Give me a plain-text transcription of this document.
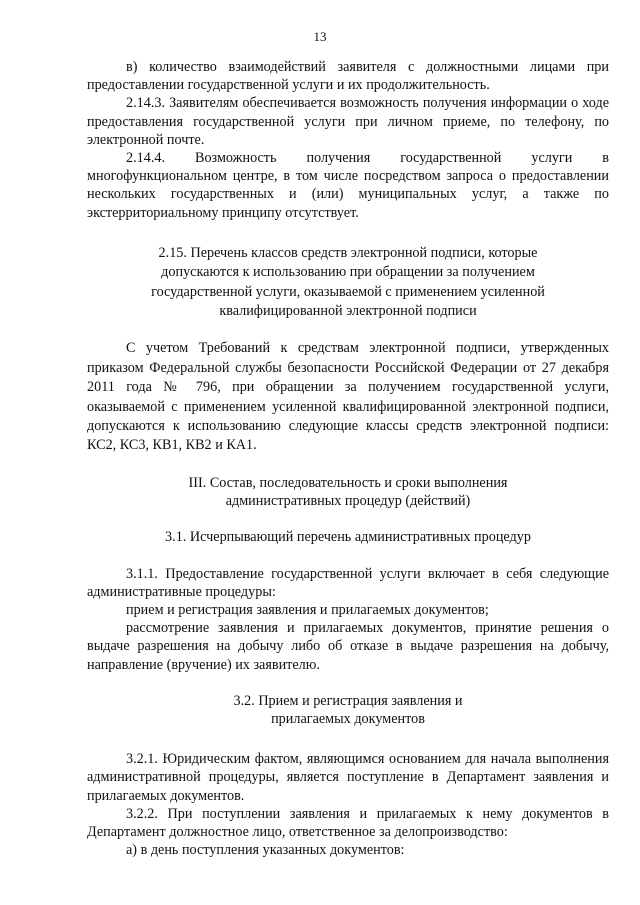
13

в) количество взаимодействий заявителя с должностными лицами при предоставлении государственной услуги и их продолжительность.

2.14.3. Заявителям обеспечивается возможность получения информации о ходе предоставления государственной услуги при личном приеме, по телефону, по электронной почте.

2.14.4. Возможность получения государственной услуги в многофункциональном центре, в том числе посредством запроса о предоставлении нескольких государственных и (или) муниципальных услуг, а также по экстерриториальному принципу отсутствует.

2.15. Перечень классов средств электронной подписи, которые допускаются к использованию при обращении за получением государственной услуги, оказываемой с применением усиленной квалифицированной электронной подписи

С учетом Требований к средствам электронной подписи, утвержденных приказом Федеральной службы безопасности Российской Федерации от 27 декабря 2011 года № 796, при обращении за получением государственной услуги, оказываемой с применением усиленной квалифицированной электронной подписи, допускаются к использованию следующие классы средств электронной подписи: КС2, КС3, КВ1, КВ2 и КА1.

III. Состав, последовательность и сроки выполнения административных процедур (действий)

3.1. Исчерпывающий перечень административных процедур

3.1.1. Предоставление государственной услуги включает в себя следующие административные процедуры:

прием и регистрация заявления и прилагаемых документов;

рассмотрение заявления и прилагаемых документов, принятие решения о выдаче разрешения на добычу либо об отказе в выдаче разрешения на добычу, направление (вручение) их заявителю.

3.2. Прием и регистрация заявления и прилагаемых документов

3.2.1. Юридическим фактом, являющимся основанием для начала выполнения административной процедуры, является поступление в Департамент заявления и прилагаемых документов.

3.2.2. При поступлении заявления и прилагаемых к нему документов в Департамент должностное лицо, ответственное за делопроизводство:

а) в день поступления указанных документов:
